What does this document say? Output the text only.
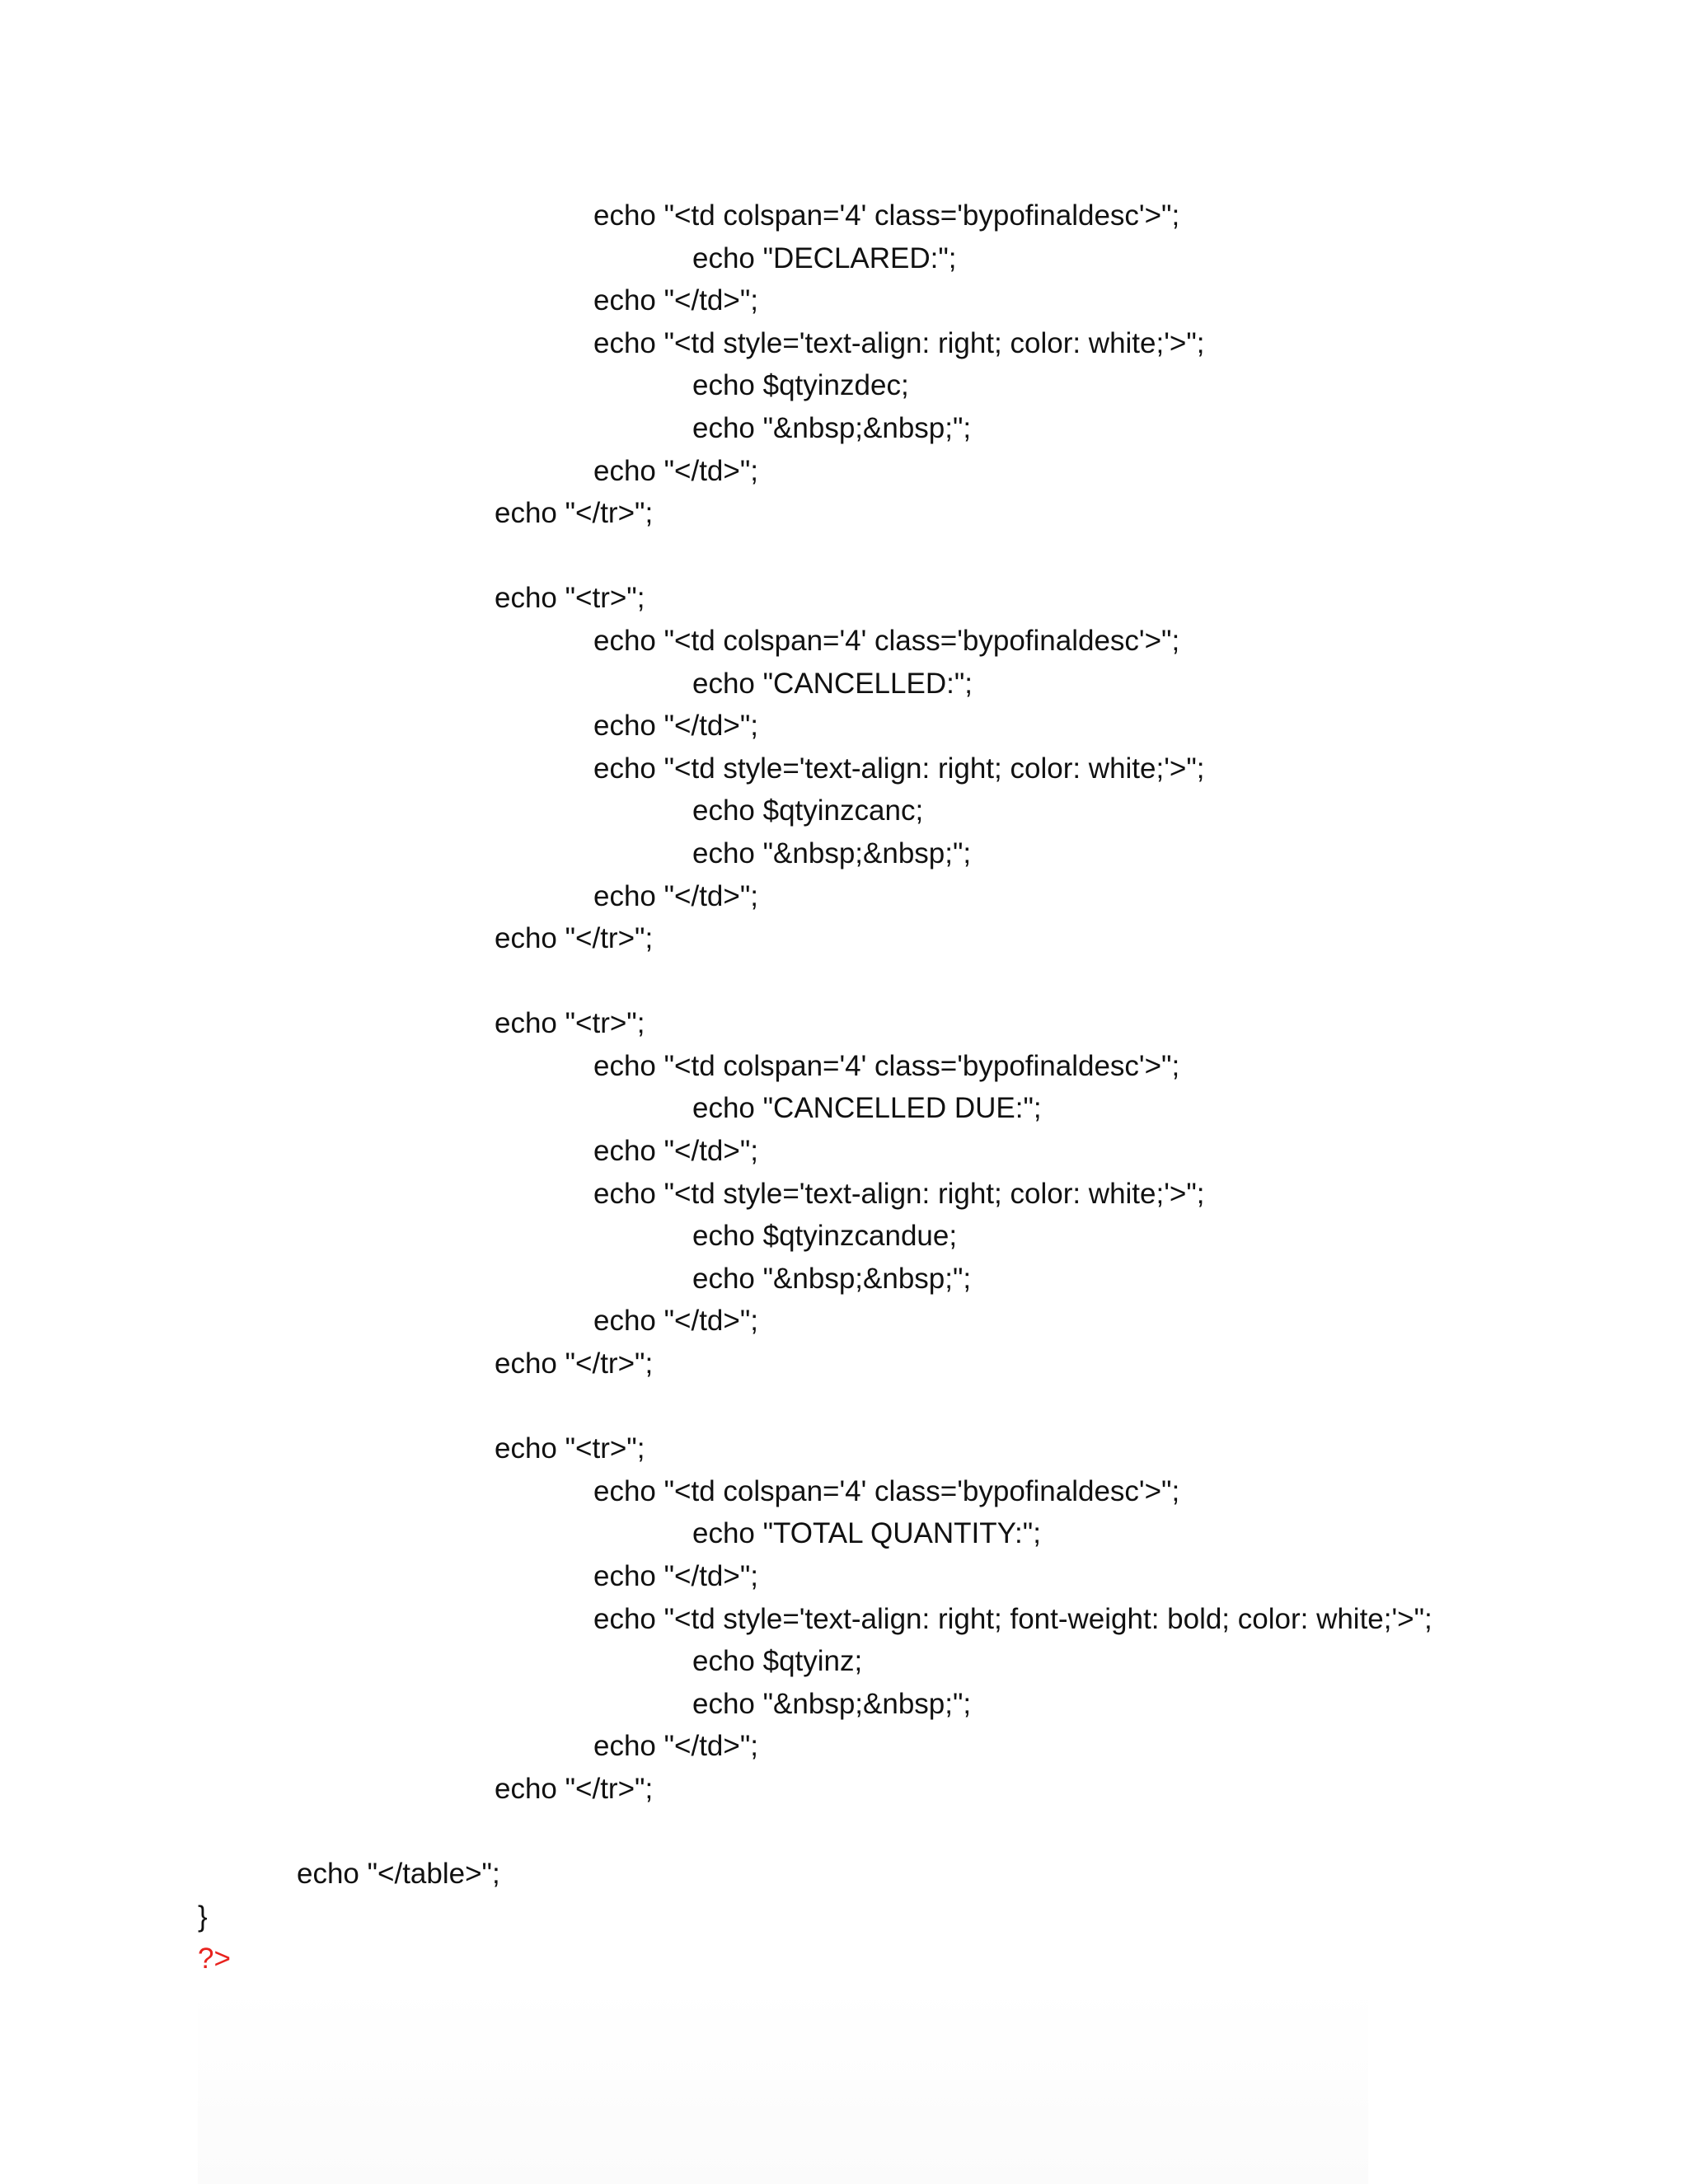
echo "<td colspan='4' class='bypofinaldesc'>";
echo "DECLARED:";
echo "</td>";
echo "<td style='text-align: right; color: white;'>";
echo $qtyinzdec;
echo "&nbsp;&nbsp;";
echo "</td>";
echo "</tr>";
echo "<tr>";
echo "<td colspan='4' class='bypofinaldesc'>";
echo "CANCELLED:";
echo "</td>";
echo "<td style='text-align: right; color: white;'>";
echo $qtyinzcanc;
echo "&nbsp;&nbsp;";
echo "</td>";
echo "</tr>";
echo "<tr>";
echo "<td colspan='4' class='bypofinaldesc'>";
echo "CANCELLED DUE:";
echo "</td>";
echo "<td style='text-align: right; color: white;'>";
echo $qtyinzcandue;
echo "&nbsp;&nbsp;";
echo "</td>";
echo "</tr>";
echo "<tr>";
echo "<td colspan='4' class='bypofinaldesc'>";
echo "TOTAL QUANTITY:";
echo "</td>";
echo "<td style='text-align: right; font-weight: bold; color: white;'>";
echo $qtyinz;
echo "&nbsp;&nbsp;";
echo "</td>";
echo "</tr>";
echo "</table>";
}
?>
